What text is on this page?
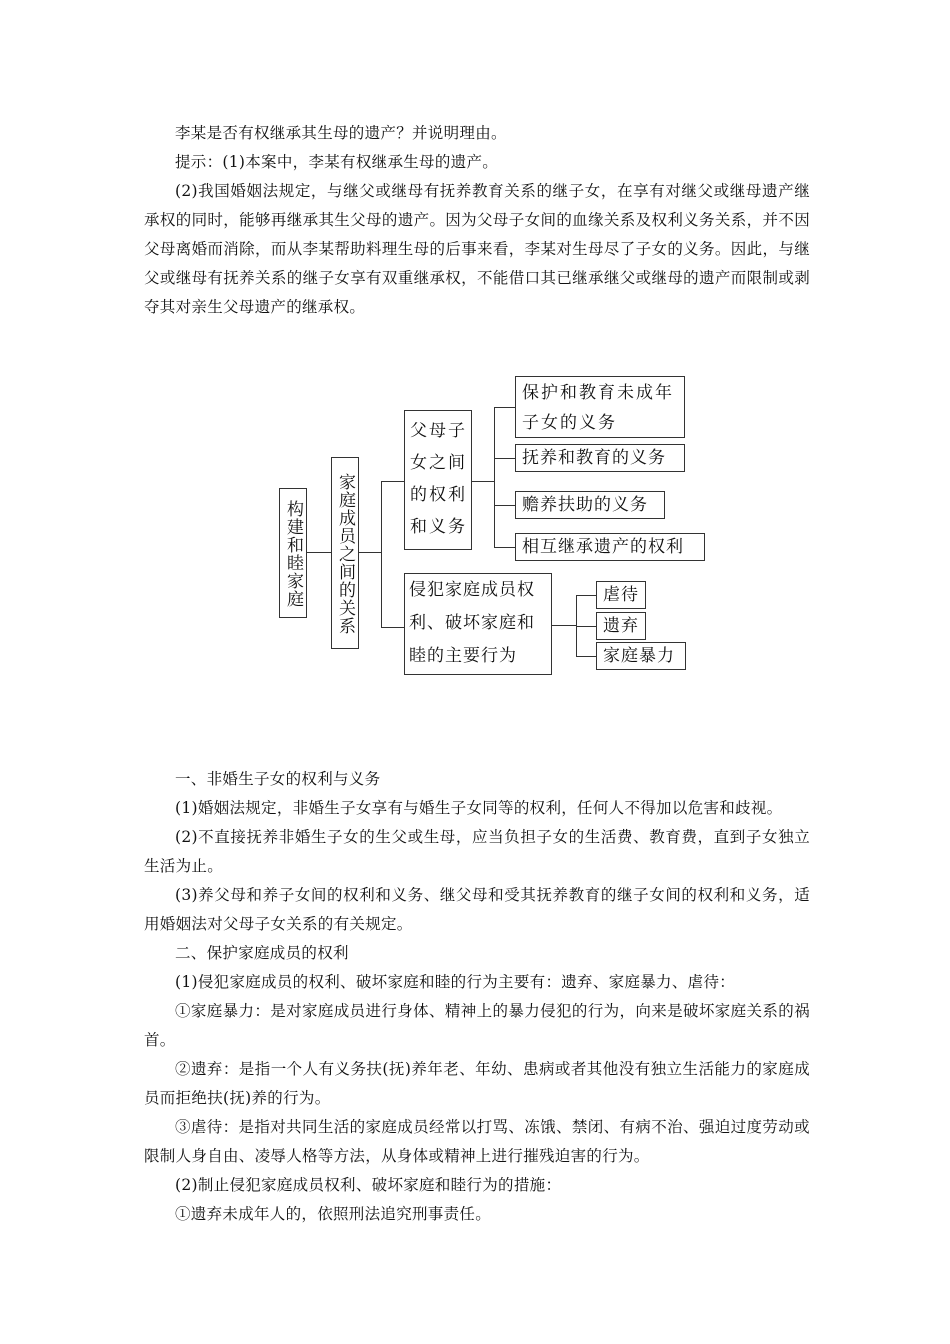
李某是否有权继承其生母的遗产？并说明理由。

提示：(1)本案中，李某有权继承生母的遗产。

(2)我国婚姻法规定，与继父或继母有抚养教育关系的继子女，在享有对继父或继母遗产继承权的同时，能够再继承其生父母的遗产。因为父母子女间的血缘关系及权利义务关系，并不因父母离婚而消除，而从李某帮助料理生母的后事来看，李某对生母尽了子女的义务。因此，与继父或继母有抚养关系的继子女享有双重继承权，不能借口其已继承继父或继母的遗产而限制或剥夺其对亲生父母遗产的继承权。

构建和睦家庭 家庭成员之间的关系
父母子女之间的权利和义务
保护和教育未成年子女的义务
抚养和教育的义务
赡养扶助的义务
相互继承遗产的权利
侵犯家庭成员权利、破坏家庭和睦的主要行为
虐待
遗弃
家庭暴力

一、非婚生子女的权利与义务

(1)婚姻法规定，非婚生子女享有与婚生子女同等的权利，任何人不得加以危害和歧视。

(2)不直接抚养非婚生子女的生父或生母，应当负担子女的生活费、教育费，直到子女独立生活为止。

(3)养父母和养子女间的权利和义务、继父母和受其抚养教育的继子女间的权利和义务，适用婚姻法对父母子女关系的有关规定。

二、保护家庭成员的权利

(1)侵犯家庭成员的权利、破坏家庭和睦的行为主要有：遗弃、家庭暴力、虐待：

①家庭暴力：是对家庭成员进行身体、精神上的暴力侵犯的行为，向来是破坏家庭关系的祸首。

②遗弃：是指一个人有义务扶(抚)养年老、年幼、患病或者其他没有独立生活能力的家庭成员而拒绝扶(抚)养的行为。

③虐待：是指对共同生活的家庭成员经常以打骂、冻饿、禁闭、有病不治、强迫过度劳动或限制人身自由、凌辱人格等方法，从身体或精神上进行摧残迫害的行为。

(2)制止侵犯家庭成员权利、破坏家庭和睦行为的措施：

①遗弃未成年人的，依照刑法追究刑事责任。
